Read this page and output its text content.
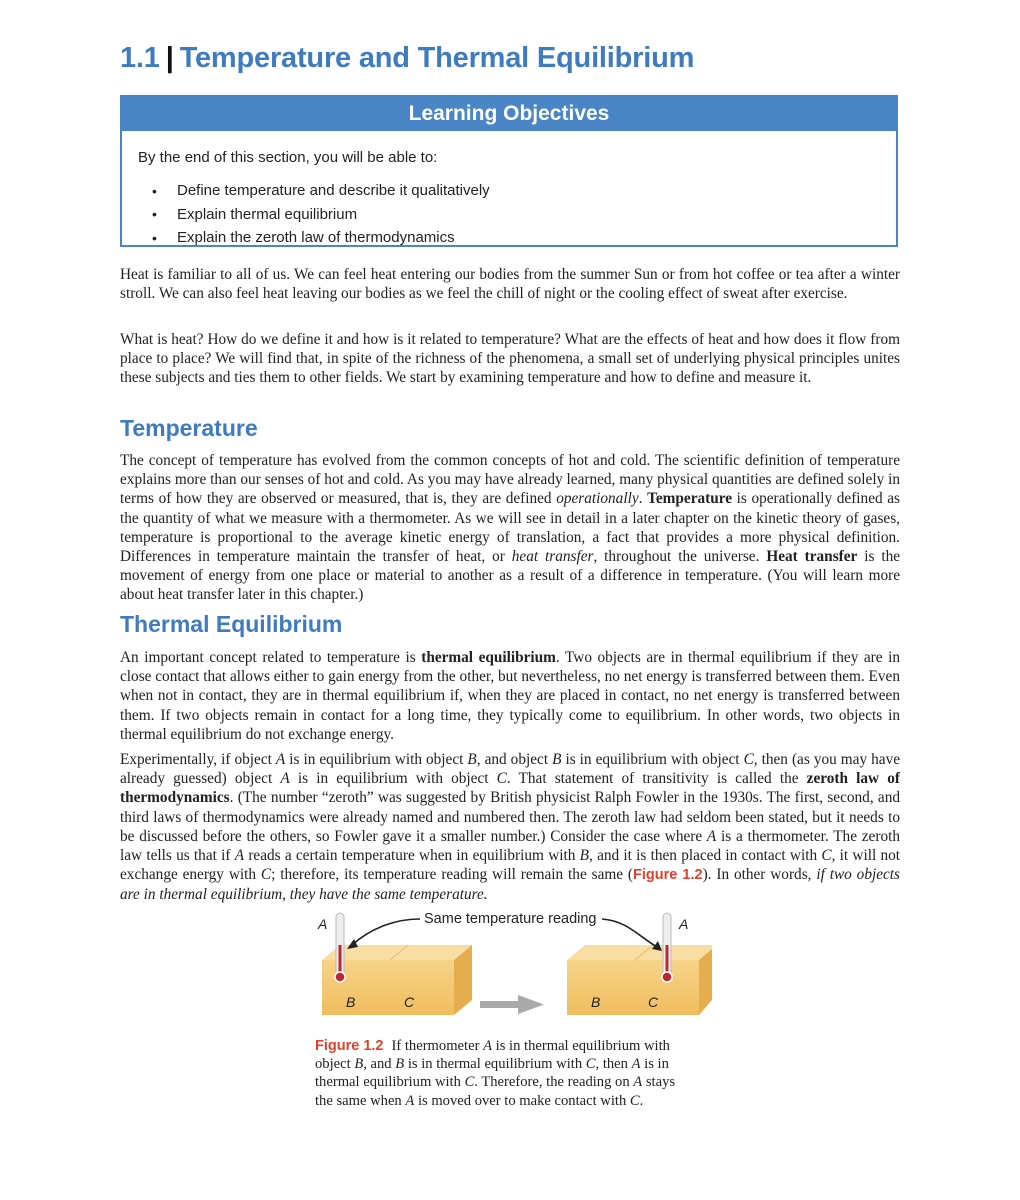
1.1 | Temperature and Thermal Equilibrium
Learning Objectives
By the end of this section, you will be able to:
•	Define temperature and describe it qualitatively
•	Explain thermal equilibrium
•	Explain the zeroth law of thermodynamics

Heat is familiar to all of us. We can feel heat entering our bodies from the summer Sun or from hot coffee or tea after a winter stroll. We can also feel heat leaving our bodies as we feel the chill of night or the cooling effect of sweat after exercise.

What is heat? How do we define it and how is it related to temperature? What are the effects of heat and how does it flow from place to place? We will find that, in spite of the richness of the phenomena, a small set of underlying physical principles unites these subjects and ties them to other fields. We start by examining temperature and how to define and measure it.

Temperature

The concept of temperature has evolved from the common concepts of hot and cold. The scientific definition of temperature explains more than our senses of hot and cold. As you may have already learned, many physical quantities are defined solely in terms of how they are observed or measured, that is, they are defined operationally. Temperature is operationally defined as the quantity of what we measure with a thermometer. As we will see in detail in a later chapter on the kinetic theory of gases, temperature is proportional to the average kinetic energy of translation, a fact that provides a more physical definition. Differences in temperature maintain the transfer of heat, or heat transfer, throughout the universe. Heat transfer is the movement of energy from one place or material to another as a result of a difference in temperature. (You will learn more about heat transfer later in this chapter.)

Thermal Equilibrium

An important concept related to temperature is thermal equilibrium. Two objects are in thermal equilibrium if they are in close contact that allows either to gain energy from the other, but nevertheless, no net energy is transferred between them. Even when not in contact, they are in thermal equilibrium if, when they are placed in contact, no net energy is transferred between them. If two objects remain in contact for a long time, they typically come to equilibrium. In other words, two objects in thermal equilibrium do not exchange energy.

Experimentally, if object A is in equilibrium with object B, and object B is in equilibrium with object C, then (as you may have already guessed) object A is in equilibrium with object C. That statement of transitivity is called the zeroth law of thermodynamics. (The number “zeroth” was suggested by British physicist Ralph Fowler in the 1930s. The first, second, and third laws of thermodynamics were already named and numbered then. The zeroth law had seldom been stated, but it needs to be discussed before the others, so Fowler gave it a smaller number.) Consider the case where A is a thermometer. The zeroth law tells us that if A reads a certain temperature when in equilibrium with B, and it is then placed in contact with C, it will not exchange energy with C; therefore, its temperature reading will remain the same (Figure 1.2). In other words, if two objects are in thermal equilibrium, they have the same temperature.

Same temperature reading
A	A
B	C	B	C

Figure 1.2 If thermometer A is in thermal equilibrium with object B, and B is in thermal equilibrium with C, then A is in thermal equilibrium with C. Therefore, the reading on A stays the same when A is moved over to make contact with C.
